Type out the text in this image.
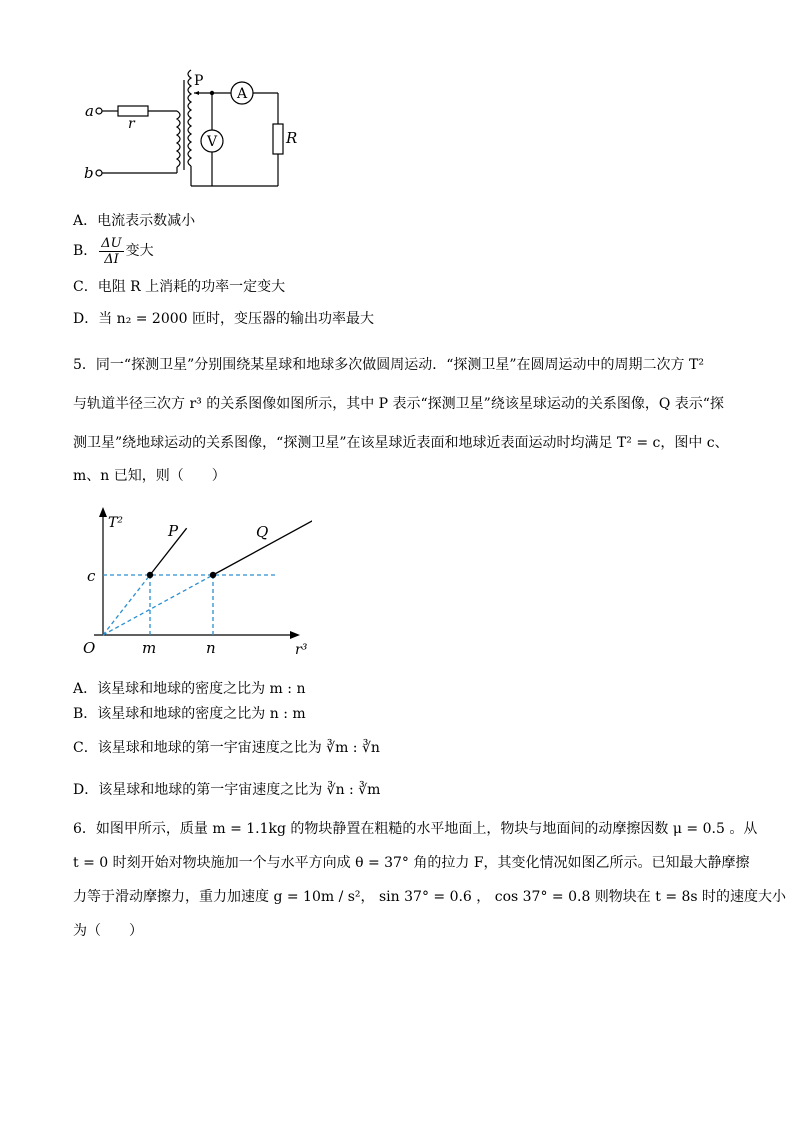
a
r
b
P
A
R
V
A．电流表示数减小
B． $\frac{\Delta U}{\Delta I}$ 变大
C．电阻 R 上消耗的功率一定变大
D．当 n₂ = 2000 匝时，变压器的输出功率最大
5．同一“探测卫星”分别围绕某星球和地球多次做圆周运动．“探测卫星”在圆周运动中的周期二次方 T²
与轨道半径三次方 r³ 的关系图像如图所示，其中 P 表示“探测卫星”绕该星球运动的关系图像，Q 表示“探
测卫星”绕地球运动的关系图像，“探测卫星”在该星球近表面和地球近表面运动时均满足 T² = c，图中 c、
m、n 已知，则（　　）
T²
r³
O
c
m	n
P	Q
A．该星球和地球的密度之比为 m : n
B．该星球和地球的密度之比为 n : m
C．该星球和地球的第一宇宙速度之比为 ∛m : ∛n
D．该星球和地球的第一宇宙速度之比为 ∛n : ∛m
6．如图甲所示，质量 m = 1.1kg 的物块静置在粗糙的水平地面上，物块与地面间的动摩擦因数 μ = 0.5 。从
t = 0 时刻开始对物块施加一个与水平方向成 θ = 37° 角的拉力 F，其变化情况如图乙所示。已知最大静摩擦
力等于滑动摩擦力，重力加速度 g = 10m / s²， sin 37° = 0.6 ， cos 37° = 0.8 则物块在 t = 8s 时的速度大小
为（　　）
